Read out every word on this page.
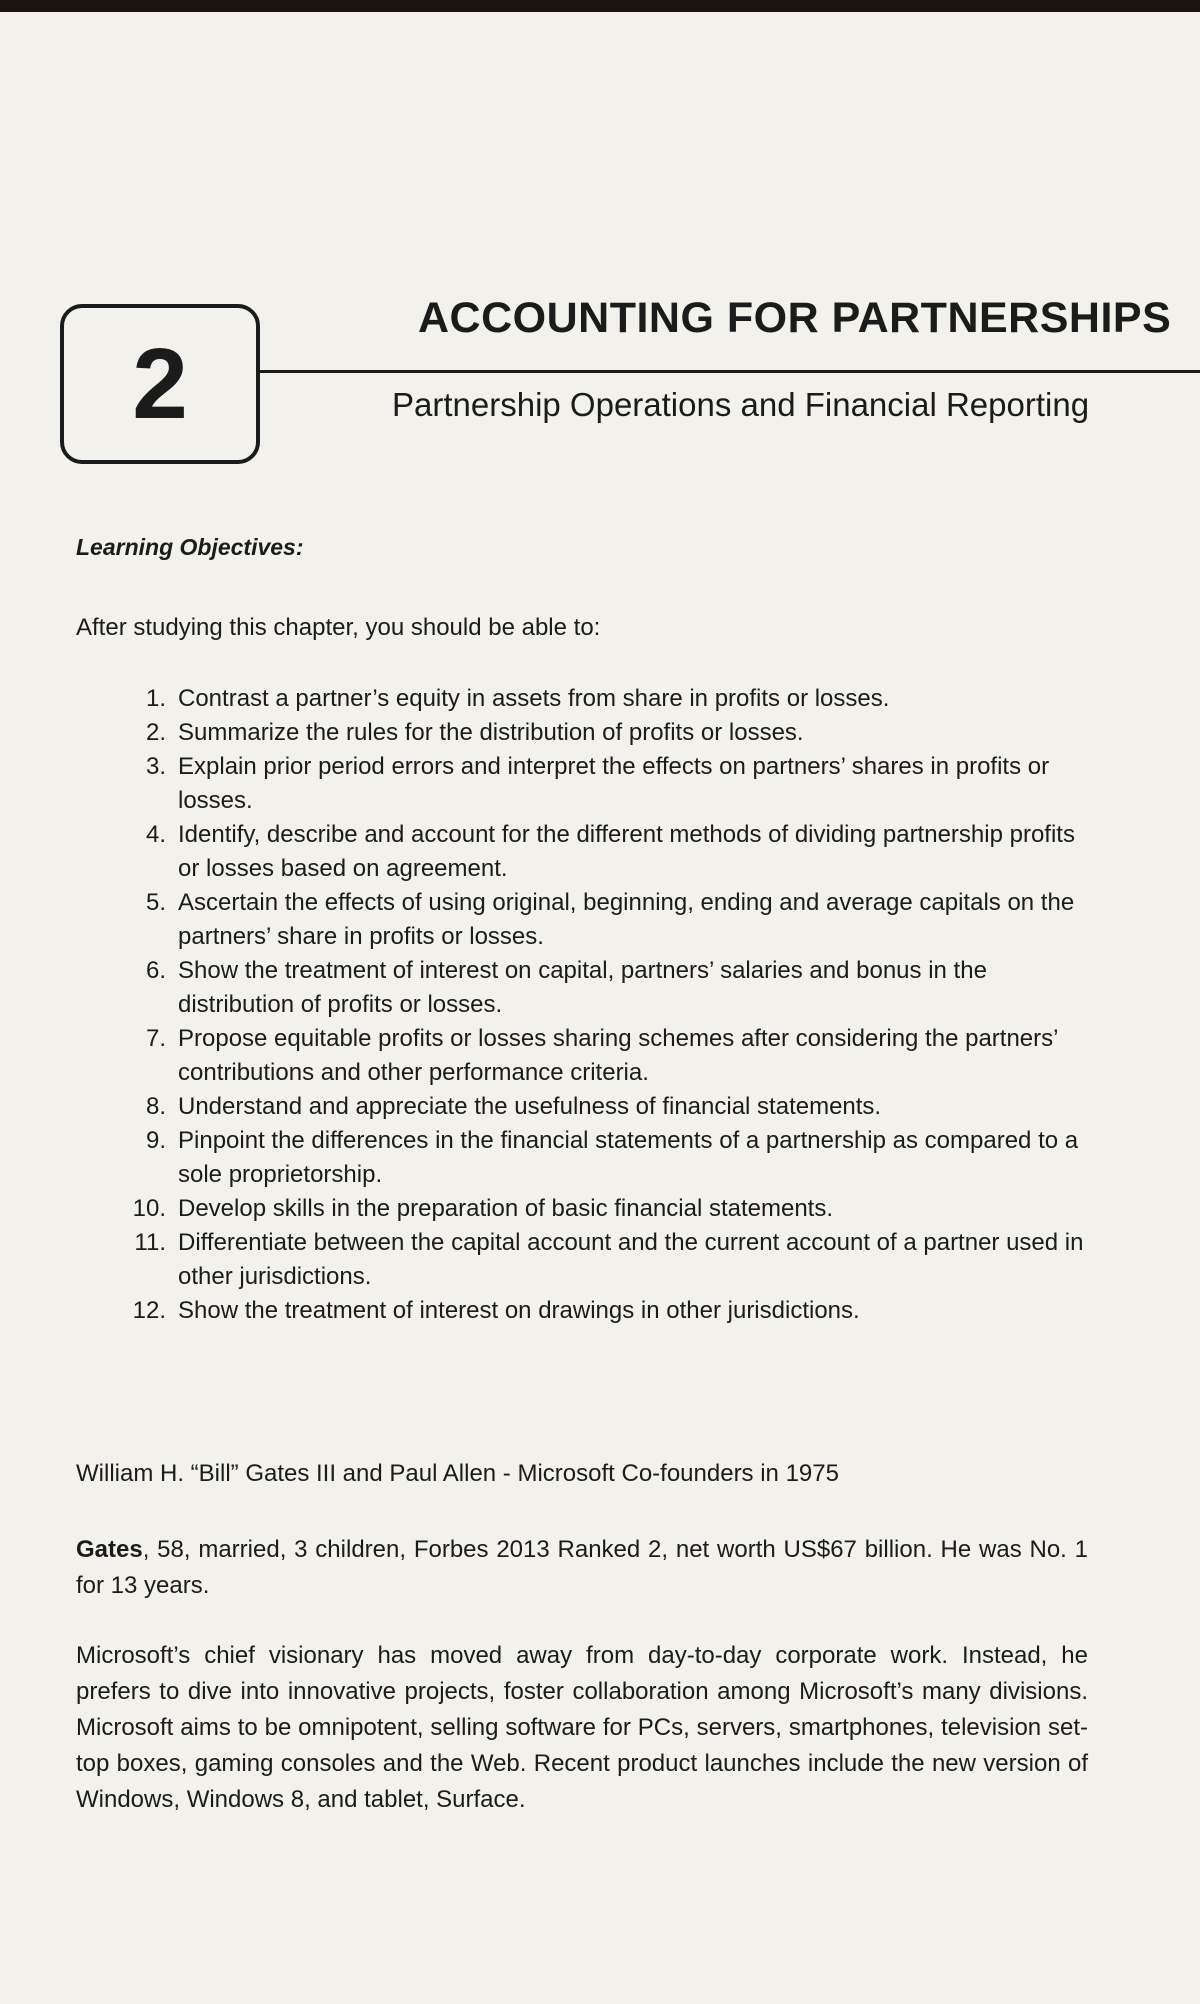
2
ACCOUNTING FOR PARTNERSHIPS
Partnership Operations and Financial Reporting
Learning Objectives:
After studying this chapter, you should be able to:
1. Contrast a partner’s equity in assets from share in profits or losses.
2. Summarize the rules for the distribution of profits or losses.
3. Explain prior period errors and interpret the effects on partners’ shares in profits or losses.
4. Identify, describe and account for the different methods of dividing partnership profits or losses based on agreement.
5. Ascertain the effects of using original, beginning, ending and average capitals on the partners’ share in profits or losses.
6. Show the treatment of interest on capital, partners’ salaries and bonus in the distribution of profits or losses.
7. Propose equitable profits or losses sharing schemes after considering the partners’ contributions and other performance criteria.
8. Understand and appreciate the usefulness of financial statements.
9. Pinpoint the differences in the financial statements of a partnership as compared to a sole proprietorship.
10. Develop skills in the preparation of basic financial statements.
11. Differentiate between the capital account and the current account of a partner used in other jurisdictions.
12. Show the treatment of interest on drawings in other jurisdictions.
William H. “Bill” Gates III and Paul Allen - Microsoft Co-founders in 1975

Gates, 58, married, 3 children, Forbes 2013 Ranked 2, net worth US$67 billion. He was No. 1 for 13 years.

Microsoft’s chief visionary has moved away from day-to-day corporate work. Instead, he prefers to dive into innovative projects, foster collaboration among Microsoft’s many divisions. Microsoft aims to be omnipotent, selling software for PCs, servers, smartphones, television set-top boxes, gaming consoles and the Web. Recent product launches include the new version of Windows, Windows 8, and tablet, Surface.
